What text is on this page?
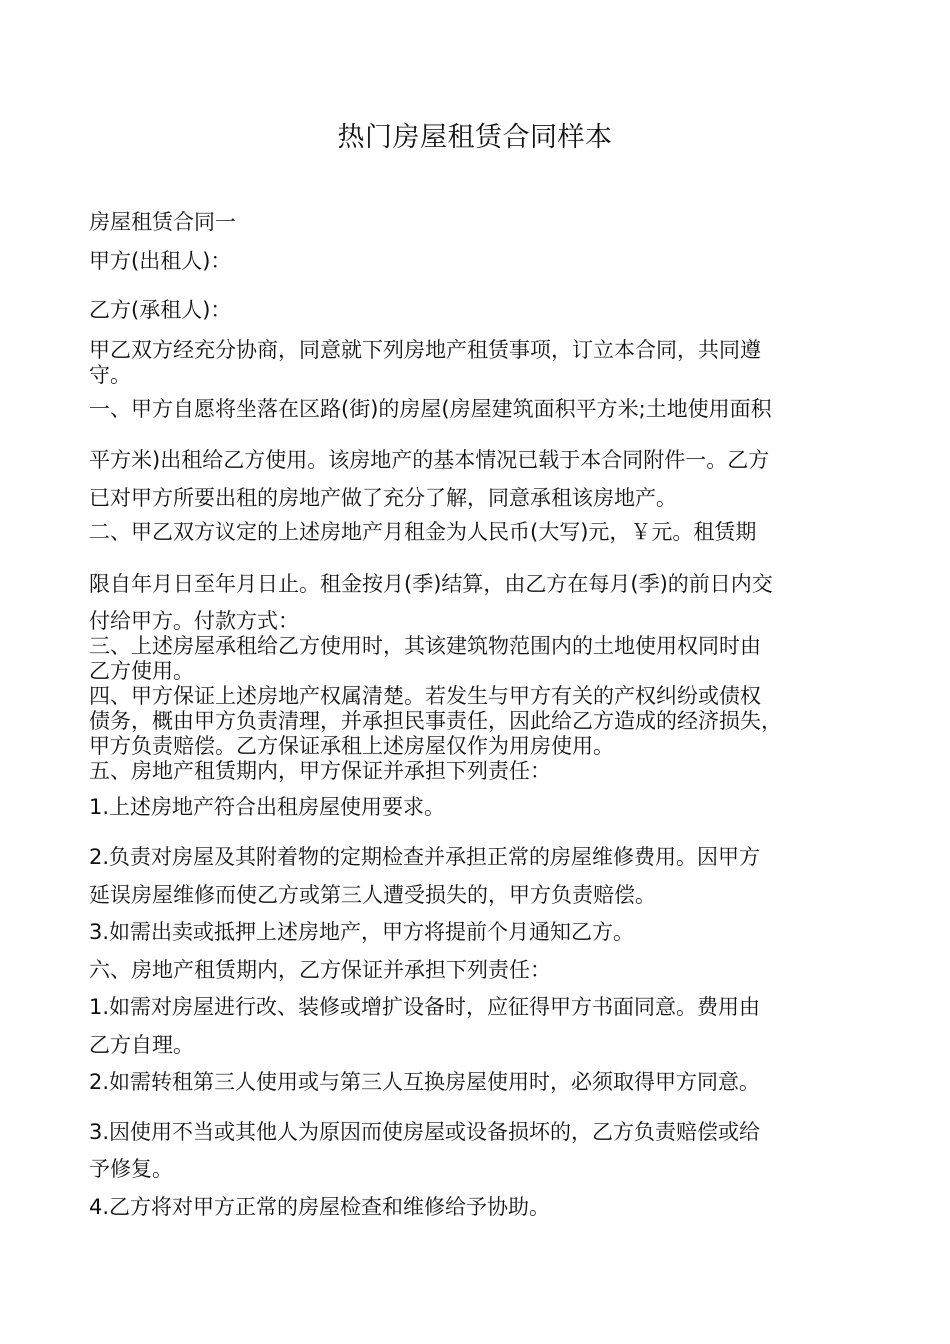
热门房屋租赁合同样本

房屋租赁合同一

甲方(出租人)：

乙方(承租人)：

甲乙双方经充分协商，同意就下列房地产租赁事项，订立本合同，共同遵

守。

一、甲方自愿将坐落在区路(街)的房屋(房屋建筑面积平方米;土地使用面积

平方米)出租给乙方使用。该房地产的基本情况已载于本合同附件一。乙方

已对甲方所要出租的房地产做了充分了解，同意承租该房地产。

二、甲乙双方议定的上述房地产月租金为人民币(大写)元，￥元。租赁期

限自年月日至年月日止。租金按月(季)结算，由乙方在每月(季)的前日内交

付给甲方。付款方式：

三、上述房屋承租给乙方使用时，其该建筑物范围内的土地使用权同时由

乙方使用。

四、甲方保证上述房地产权属清楚。若发生与甲方有关的产权纠纷或债权

债务，概由甲方负责清理，并承担民事责任，因此给乙方造成的经济损失，

甲方负责赔偿。乙方保证承租上述房屋仅作为用房使用。

五、房地产租赁期内，甲方保证并承担下列责任：

1.上述房地产符合出租房屋使用要求。

2.负责对房屋及其附着物的定期检查并承担正常的房屋维修费用。因甲方

延误房屋维修而使乙方或第三人遭受损失的，甲方负责赔偿。

3.如需出卖或抵押上述房地产，甲方将提前个月通知乙方。

六、房地产租赁期内，乙方保证并承担下列责任：

1.如需对房屋进行改、装修或增扩设备时，应征得甲方书面同意。费用由

乙方自理。

2.如需转租第三人使用或与第三人互换房屋使用时，必须取得甲方同意。

3.因使用不当或其他人为原因而使房屋或设备损坏的，乙方负责赔偿或给

予修复。

4.乙方将对甲方正常的房屋检查和维修给予协助。
